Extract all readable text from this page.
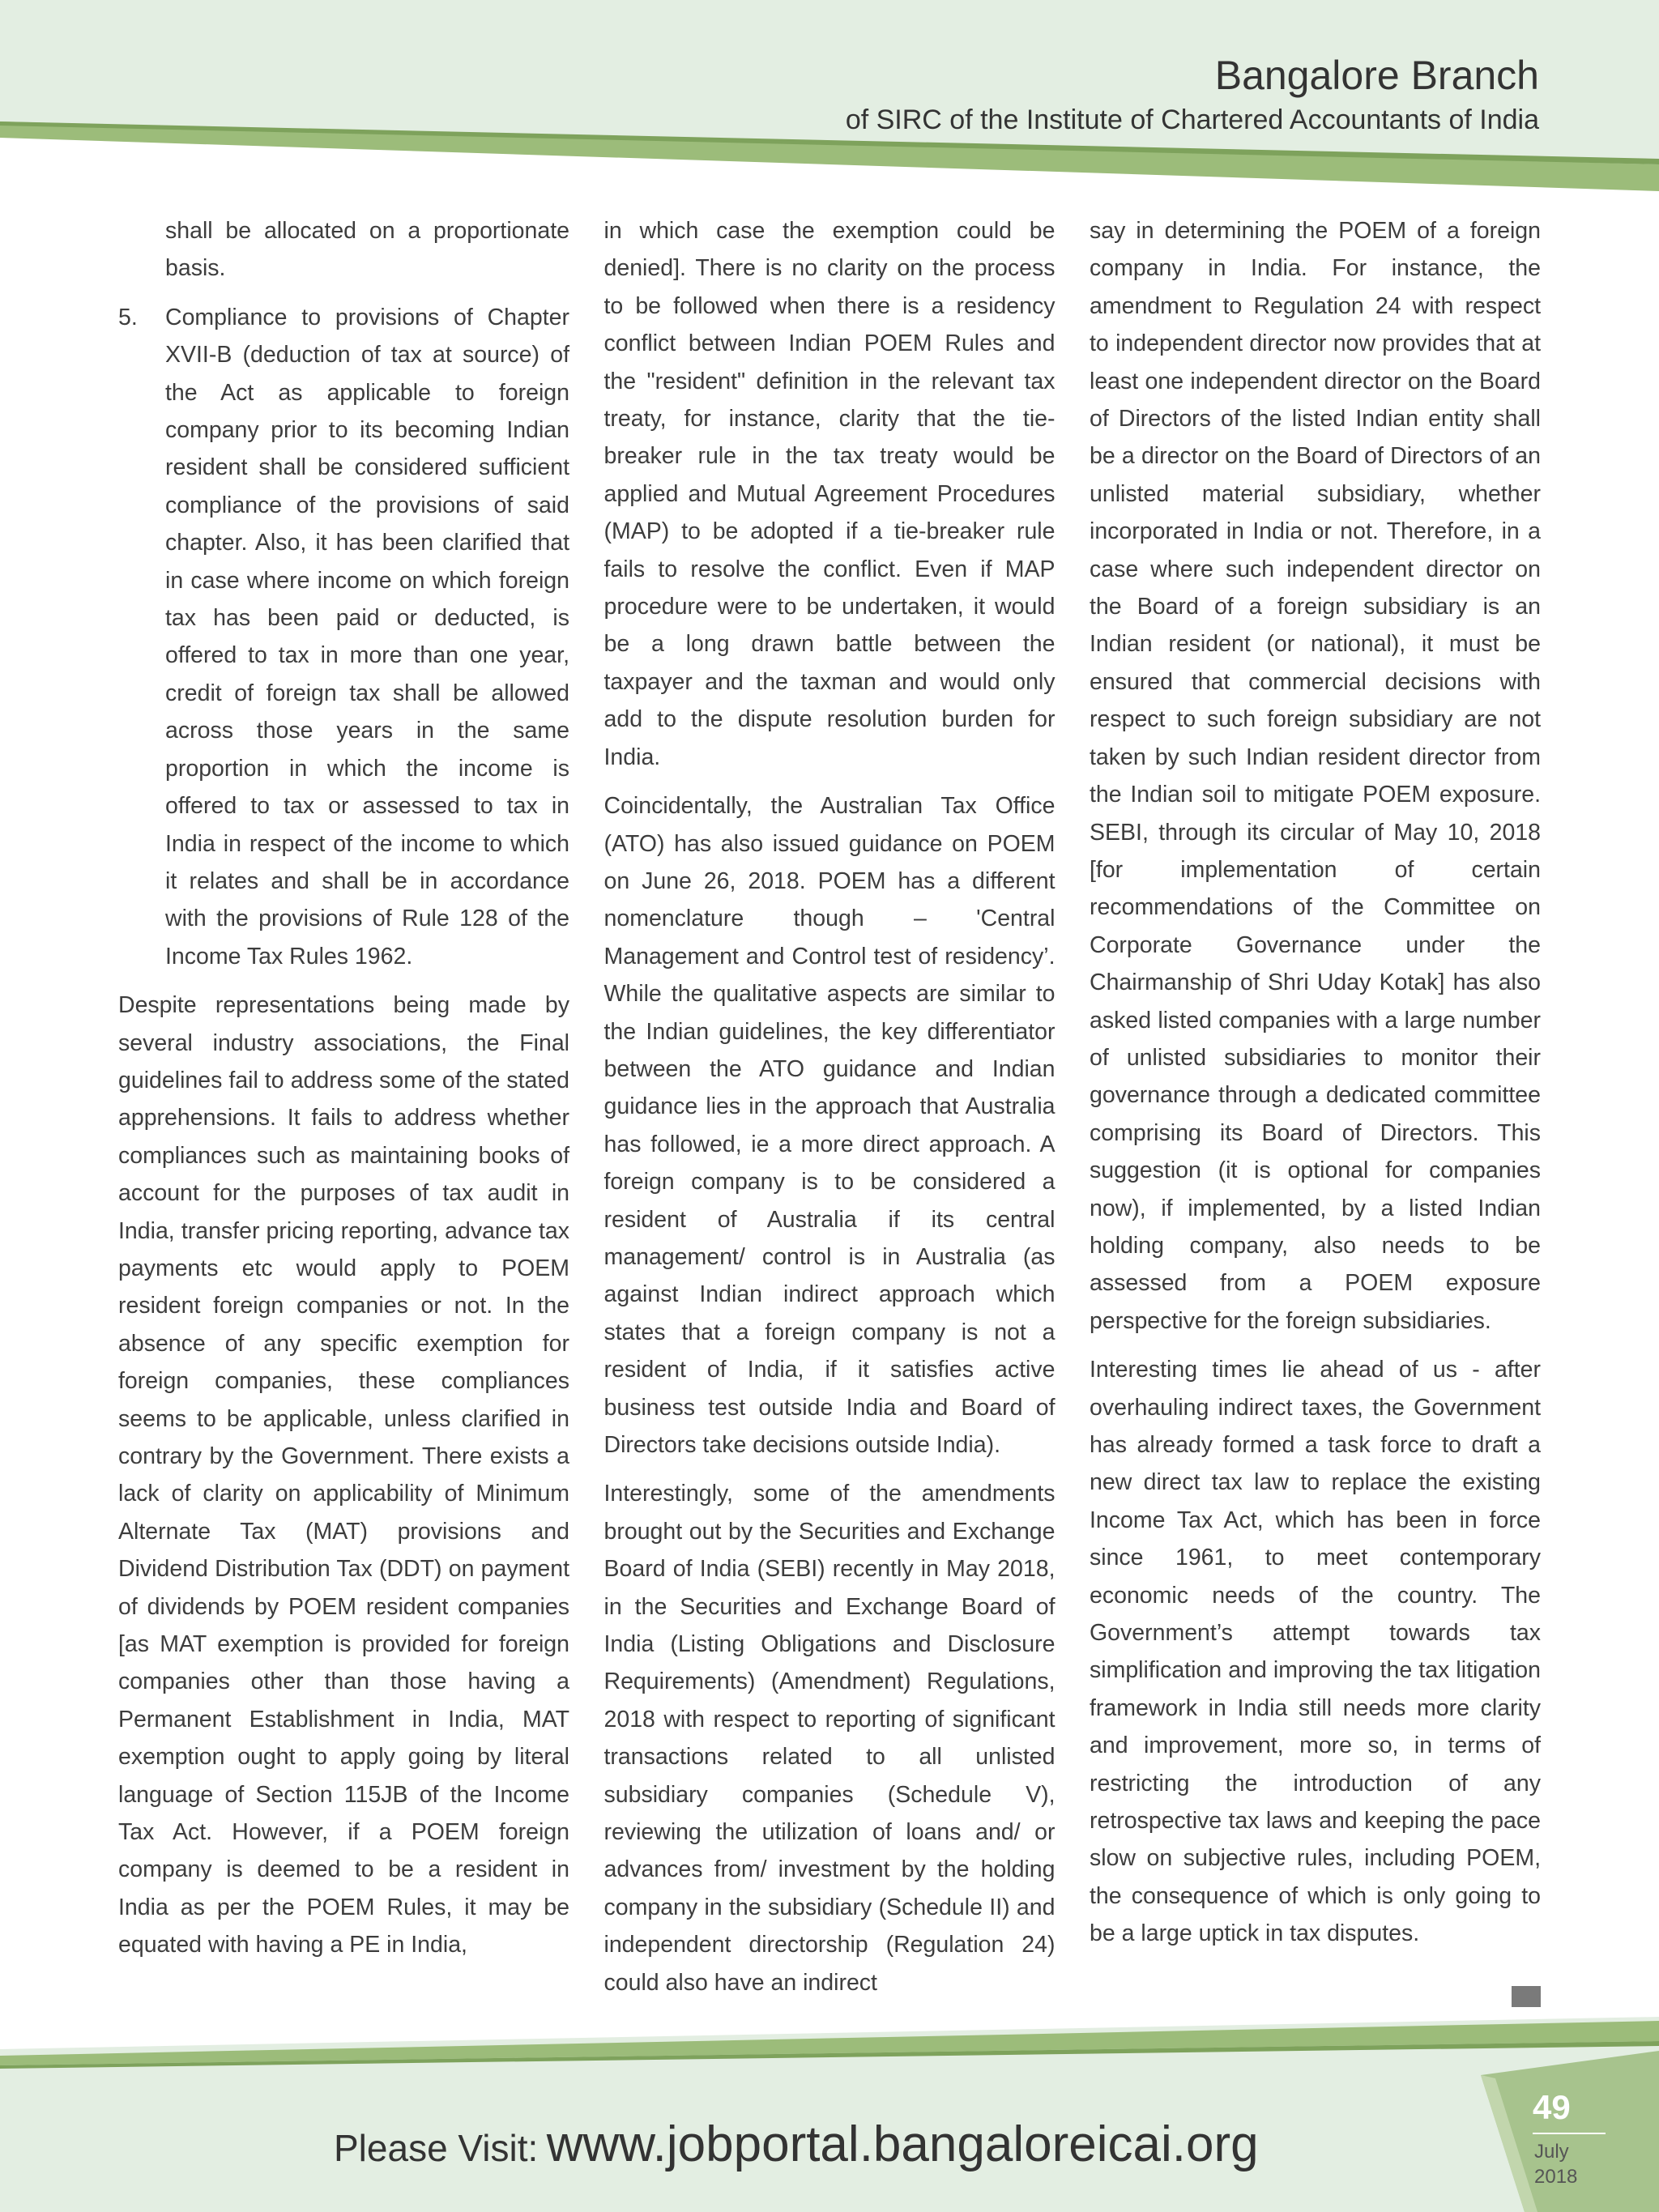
Bangalore Branch
of SIRC of the Institute of Chartered Accountants of India

shall be allocated on a proportionate basis.

5. Compliance to provisions of Chapter XVII-B (deduction of tax at source) of the Act as applicable to foreign company prior to its becoming Indian resident shall be considered sufficient compliance of the provisions of said chapter. Also, it has been clarified that in case where income on which foreign tax has been paid or deducted, is offered to tax in more than one year, credit of foreign tax shall be allowed across those years in the same proportion in which the income is offered to tax or assessed to tax in India in respect of the income to which it relates and shall be in accordance with the provisions of Rule 128 of the Income Tax Rules 1962.

Despite representations being made by several industry associations, the Final guidelines fail to address some of the stated apprehensions. It fails to address whether compliances such as maintaining books of account for the purposes of tax audit in India, transfer pricing reporting, advance tax payments etc would apply to POEM resident foreign companies or not. In the absence of any specific exemption for foreign companies, these compliances seems to be applicable, unless clarified in contrary by the Government. There exists a lack of clarity on applicability of Minimum Alternate Tax (MAT) provisions and Dividend Distribution Tax (DDT) on payment of dividends by POEM resident companies [as MAT exemption is provided for foreign companies other than those having a Permanent Establishment in India, MAT exemption ought to apply going by literal language of Section 115JB of the Income Tax Act. However, if a POEM foreign company is deemed to be a resident in India as per the POEM Rules, it may be equated with having a PE in India,

in which case the exemption could be denied]. There is no clarity on the process to be followed when there is a residency conflict between Indian POEM Rules and the "resident" definition in the relevant tax treaty, for instance, clarity that the tie-breaker rule in the tax treaty would be applied and Mutual Agreement Procedures (MAP) to be adopted if a tie-breaker rule fails to resolve the conflict. Even if MAP procedure were to be undertaken, it would be a long drawn battle between the taxpayer and the taxman and would only add to the dispute resolution burden for India.

Coincidentally, the Australian Tax Office (ATO) has also issued guidance on POEM on June 26, 2018. POEM has a different nomenclature though – 'Central Management and Control test of residency’. While the qualitative aspects are similar to the Indian guidelines, the key differentiator between the ATO guidance and Indian guidance lies in the approach that Australia has followed, ie a more direct approach. A foreign company is to be considered a resident of Australia if its central management/ control is in Australia (as against Indian indirect approach which states that a foreign company is not a resident of India, if it satisfies active business test outside India and Board of Directors take decisions outside India).

Interestingly, some of the amendments brought out by the Securities and Exchange Board of India (SEBI) recently in May 2018, in the Securities and Exchange Board of India (Listing Obligations and Disclosure Requirements) (Amendment) Regulations, 2018 with respect to reporting of significant transactions related to all unlisted subsidiary companies (Schedule V), reviewing the utilization of loans and/ or advances from/ investment by the holding company in the subsidiary (Schedule II) and independent directorship (Regulation 24) could also have an indirect

say in determining the POEM of a foreign company in India. For instance, the amendment to Regulation 24 with respect to independent director now provides that at least one independent director on the Board of Directors of the listed Indian entity shall be a director on the Board of Directors of an unlisted material subsidiary, whether incorporated in India or not. Therefore, in a case where such independent director on the Board of a foreign subsidiary is an Indian resident (or national), it must be ensured that commercial decisions with respect to such foreign subsidiary are not taken by such Indian resident director from the Indian soil to mitigate POEM exposure. SEBI, through its circular of May 10, 2018 [for implementation of certain recommendations of the Committee on Corporate Governance under the Chairmanship of Shri Uday Kotak] has also asked listed companies with a large number of unlisted subsidiaries to monitor their governance through a dedicated committee comprising its Board of Directors. This suggestion (it is optional for companies now), if implemented, by a listed Indian holding company, also needs to be assessed from a POEM exposure perspective for the foreign subsidiaries.

Interesting times lie ahead of us - after overhauling indirect taxes, the Government has already formed a task force to draft a new direct tax law to replace the existing Income Tax Act, which has been in force since 1961, to meet contemporary economic needs of the country. The Government’s attempt towards tax simplification and improving the tax litigation framework in India still needs more clarity and improvement, more so, in terms of restricting the introduction of any retrospective tax laws and keeping the pace slow on subjective rules, including POEM, the consequence of which is only going to be a large uptick in tax disputes.

Please Visit: www.jobportal.bangaloreicai.org
49
July
2018
